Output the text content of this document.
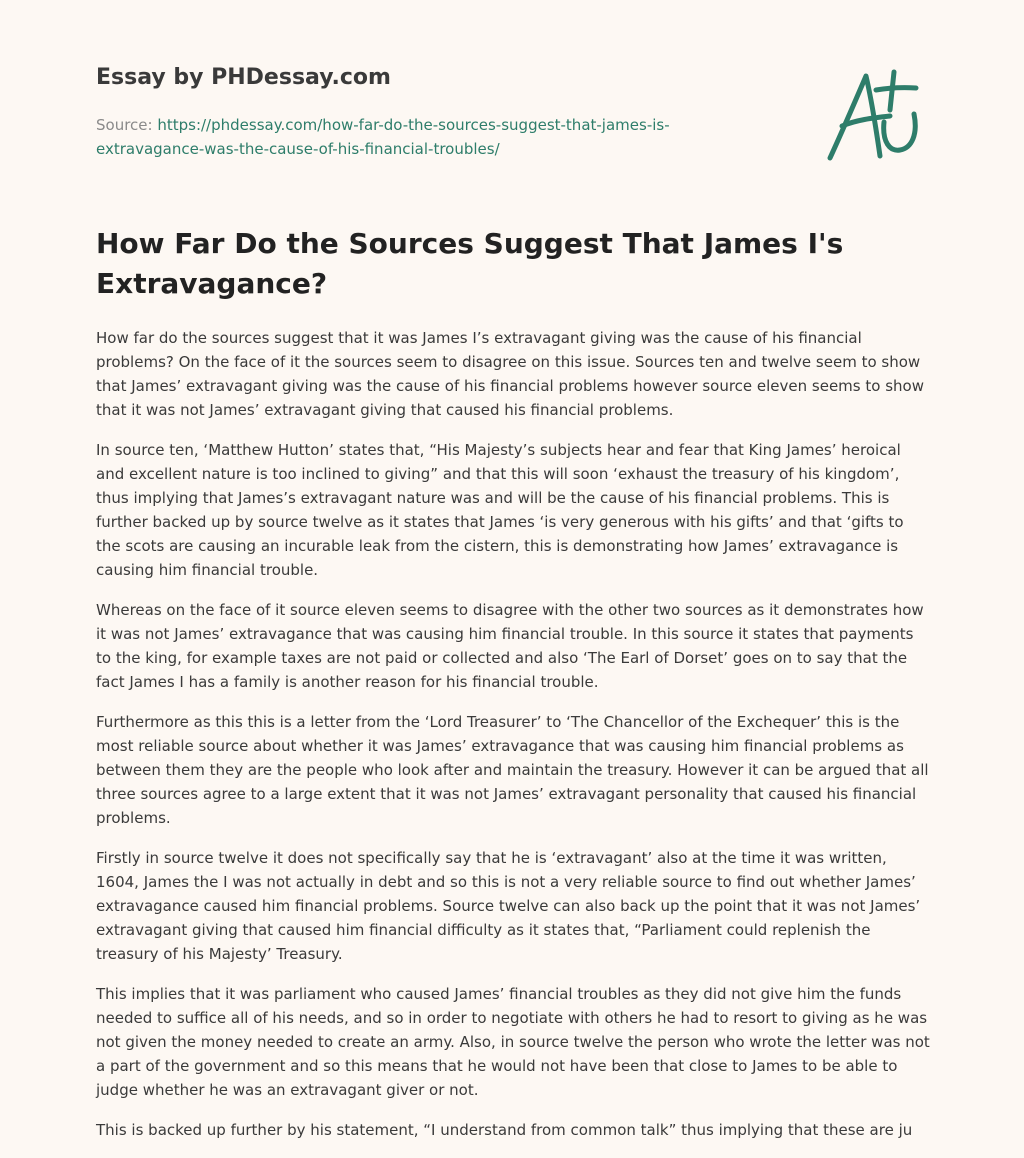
Essay by PHDessay.com
Source: https://phdessay.com/how-far-do-the-sources-suggest-that-james-is-
extravagance-was-the-cause-of-his-financial-troubles/
How Far Do the Sources Suggest That James I's
Extravagance?

How far do the sources suggest that it was James I’s extravagant giving was the cause of his financial problems? On the face of it the sources seem to disagree on this issue. Sources ten and twelve seem to show that James’ extravagant giving was the cause of his financial problems however source eleven seems to show that it was not James’ extravagant giving that caused his financial problems.

In source ten, ‘Matthew Hutton’ states that, “His Majesty’s subjects hear and fear that King James’ heroical and excellent nature is too inclined to giving” and that this will soon ‘exhaust the treasury of his kingdom’, thus implying that James’s extravagant nature was and will be the cause of his financial problems. This is further backed up by source twelve as it states that James ‘is very generous with his gifts’ and that ‘gifts to the scots are causing an incurable leak from the cistern, this is demonstrating how James’ extravagance is causing him financial trouble.

Whereas on the face of it source eleven seems to disagree with the other two sources as it demonstrates how it was not James’ extravagance that was causing him financial trouble. In this source it states that payments to the king, for example taxes are not paid or collected and also ‘The Earl of Dorset’ goes on to say that the fact James I has a family is another reason for his financial trouble.

Furthermore as this this is a letter from the ‘Lord Treasurer’ to ‘The Chancellor of the Exchequer’ this is the most reliable source about whether it was James’ extravagance that was causing him financial problems as between them they are the people who look after and maintain the treasury. However it can be argued that all three sources agree to a large extent that it was not James’ extravagant personality that caused his financial problems.

Firstly in source twelve it does not specifically say that he is ‘extravagant’ also at the time it was written, 1604, James the I was not actually in debt and so this is not a very reliable source to find out whether James’ extravagance caused him financial problems. Source twelve can also back up the point that it was not James’ extravagant giving that caused him financial difficulty as it states that, “Parliament could replenish the treasury of his Majesty’ Treasury.

This implies that it was parliament who caused James’ financial troubles as they did not give him the funds needed to suffice all of his needs, and so in order to negotiate with others he had to resort to giving as he was not given the money needed to create an army. Also, in source twelve the person who wrote the letter was not a part of the government and so this means that he would not have been that close to James to be able to judge whether he was an extravagant giver or not.

This is backed up further by his statement, “I understand from common talk” thus implying that these are ju
